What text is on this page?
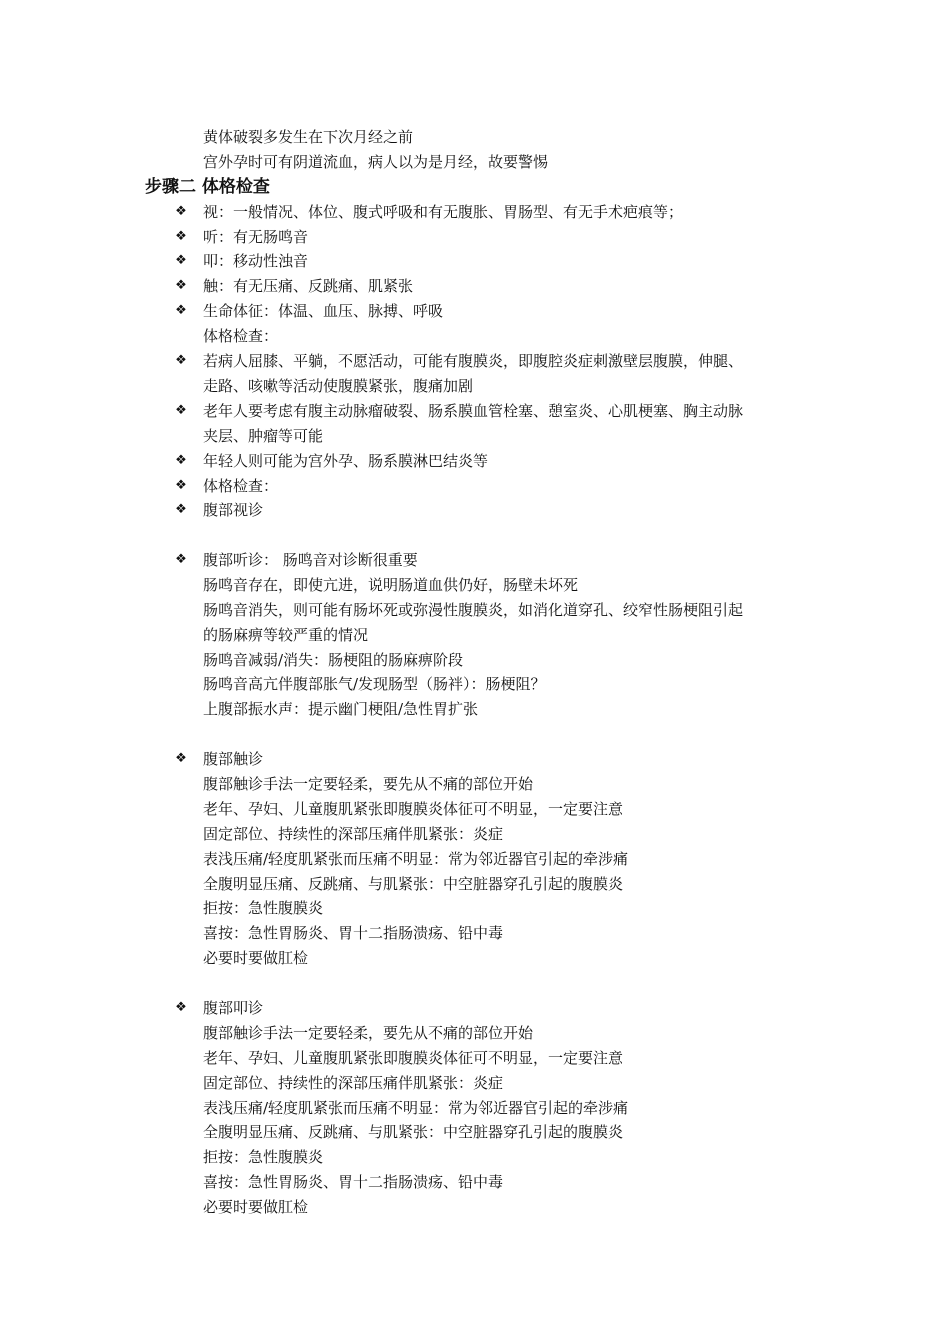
黄体破裂多发生在下次月经之前
宫外孕时可有阴道流血，病人以为是月经，故要警惕
步骤二 体格检查
❖ 视：一般情况、体位、腹式呼吸和有无腹胀、胃肠型、有无手术疤痕等；
❖ 听：有无肠鸣音
❖ 叩：移动性浊音
❖ 触：有无压痛、反跳痛、肌紧张
❖ 生命体征：体温、血压、脉搏、呼吸
体格检查：
❖ 若病人屈膝、平躺，不愿活动，可能有腹膜炎，即腹腔炎症刺激壁层腹膜，伸腿、
走路、咳嗽等活动使腹膜紧张，腹痛加剧
❖ 老年人要考虑有腹主动脉瘤破裂、肠系膜血管栓塞、憩室炎、心肌梗塞、胸主动脉
夹层、肿瘤等可能
❖ 年轻人则可能为宫外孕、肠系膜淋巴结炎等
❖ 体格检查：
❖ 腹部视诊
❖ 腹部听诊： 肠鸣音对诊断很重要
肠鸣音存在，即使亢进，说明肠道血供仍好，肠壁未坏死
肠鸣音消失，则可能有肠坏死或弥漫性腹膜炎，如消化道穿孔、绞窄性肠梗阻引起
的肠麻痹等较严重的情况
肠鸣音减弱/消失：肠梗阻的肠麻痹阶段
肠鸣音高亢伴腹部胀气/发现肠型（肠袢）：肠梗阻？
上腹部振水声：提示幽门梗阻/急性胃扩张
❖ 腹部触诊
腹部触诊手法一定要轻柔，要先从不痛的部位开始
老年、孕妇、儿童腹肌紧张即腹膜炎体征可不明显，一定要注意
固定部位、持续性的深部压痛伴肌紧张：炎症
表浅压痛/轻度肌紧张而压痛不明显：常为邻近器官引起的牵涉痛
全腹明显压痛、反跳痛、与肌紧张：中空脏器穿孔引起的腹膜炎
拒按：急性腹膜炎
喜按：急性胃肠炎、胃十二指肠溃疡、铅中毒
必要时要做肛检
❖ 腹部叩诊
腹部触诊手法一定要轻柔，要先从不痛的部位开始
老年、孕妇、儿童腹肌紧张即腹膜炎体征可不明显，一定要注意
固定部位、持续性的深部压痛伴肌紧张：炎症
表浅压痛/轻度肌紧张而压痛不明显：常为邻近器官引起的牵涉痛
全腹明显压痛、反跳痛、与肌紧张：中空脏器穿孔引起的腹膜炎
拒按：急性腹膜炎
喜按：急性胃肠炎、胃十二指肠溃疡、铅中毒
必要时要做肛检
